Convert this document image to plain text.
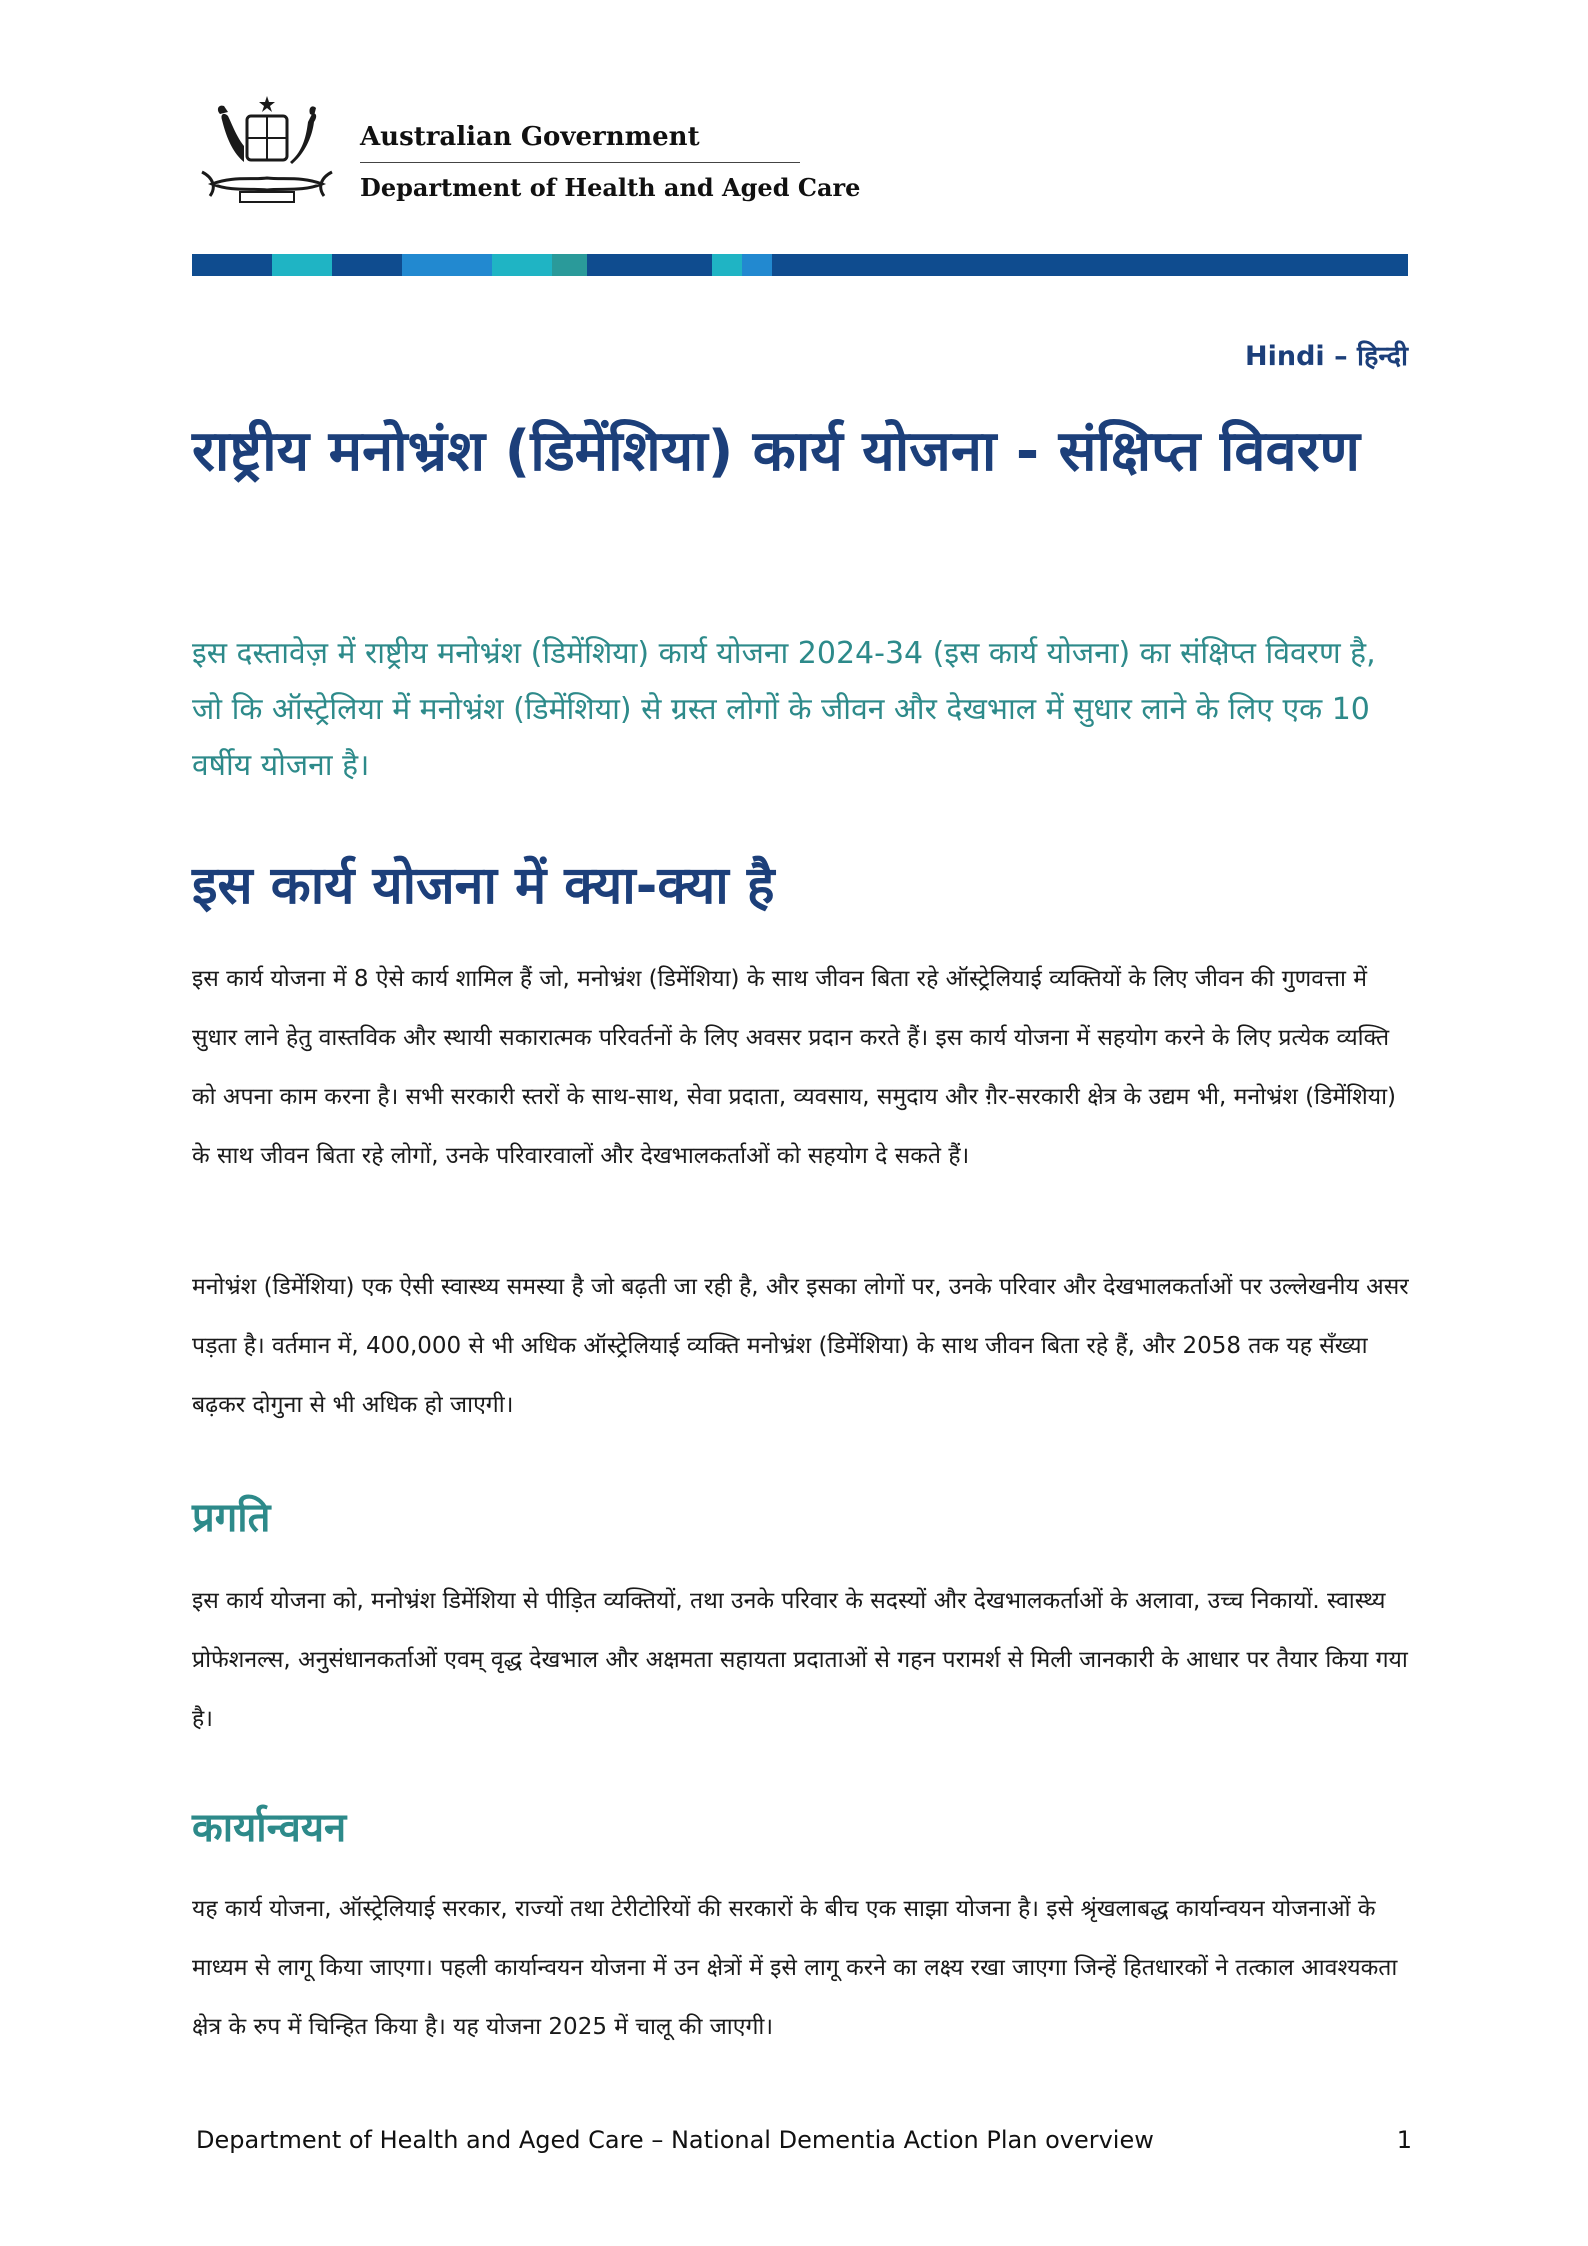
Australian Government
Department of Health and Aged Care
Hindi – हिन्दी
राष्ट्रीय मनोभ्रंश (डिमेंशिया) कार्य योजना - संक्षिप्त विवरण

इस दस्तावेज़ में राष्ट्रीय मनोभ्रंश (डिमेंशिया) कार्य योजना 2024-34 (इस कार्य योजना) का संक्षिप्त विवरण है, जो कि ऑस्ट्रेलिया में मनोभ्रंश (डिमेंशिया) से ग्रस्त लोगों के जीवन और देखभाल में सुधार लाने के लिए एक 10 वर्षीय योजना है।

इस कार्य योजना में क्या-क्या है

इस कार्य योजना में 8 ऐसे कार्य शामिल हैं जो, मनोभ्रंश (डिमेंशिया) के साथ जीवन बिता रहे ऑस्ट्रेलियाई व्यक्तियों के लिए जीवन की गुणवत्ता में सुधार लाने हेतु वास्तविक और स्थायी सकारात्मक परिवर्तनों के लिए अवसर प्रदान करते हैं। इस कार्य योजना में सहयोग करने के लिए प्रत्येक व्यक्ति को अपना काम करना है। सभी सरकारी स्तरों के साथ-साथ, सेवा प्रदाता, व्यवसाय, समुदाय और ग़ैर-सरकारी क्षेत्र के उद्यम भी, मनोभ्रंश (डिमेंशिया) के साथ जीवन बिता रहे लोगों, उनके परिवारवालों और देखभालकर्ताओं को सहयोग दे सकते हैं।

मनोभ्रंश (डिमेंशिया) एक ऐसी स्वास्थ्य समस्या है जो बढ़ती जा रही है, और इसका लोगों पर, उनके परिवार और देखभालकर्ताओं पर उल्लेखनीय असर पड़ता है। वर्तमान में, 400,000 से भी अधिक ऑस्ट्रेलियाई व्यक्ति मनोभ्रंश (डिमेंशिया) के साथ जीवन बिता रहे हैं, और 2058 तक यह सँख्या बढ़कर दोगुना से भी अधिक हो जाएगी।

प्रगति

इस कार्य योजना को, मनोभ्रंश डिमेंशिया से पीड़ित व्यक्तियों, तथा उनके परिवार के सदस्यों और देखभालकर्ताओं के अलावा, उच्च निकायों. स्वास्थ्य प्रोफेशनल्स, अनुसंधानकर्ताओं एवम् वृद्ध देखभाल और अक्षमता सहायता प्रदाताओं से गहन परामर्श से मिली जानकारी के आधार पर तैयार किया गया है।

कार्यान्वयन

यह कार्य योजना, ऑस्ट्रेलियाई सरकार, राज्यों तथा टेरीटोरियों की सरकारों के बीच एक साझा योजना है। इसे श्रृंखलाबद्ध कार्यान्वयन योजनाओं के माध्यम से लागू किया जाएगा। पहली कार्यान्वयन योजना में उन क्षेत्रों में इसे लागू करने का लक्ष्य रखा जाएगा जिन्हें हितधारकों ने तत्काल आवश्यकता क्षेत्र के रुप में चिन्हित किया है। यह योजना 2025 में चालू की जाएगी।

Department of Health and Aged Care – National Dementia Action Plan overview	1
